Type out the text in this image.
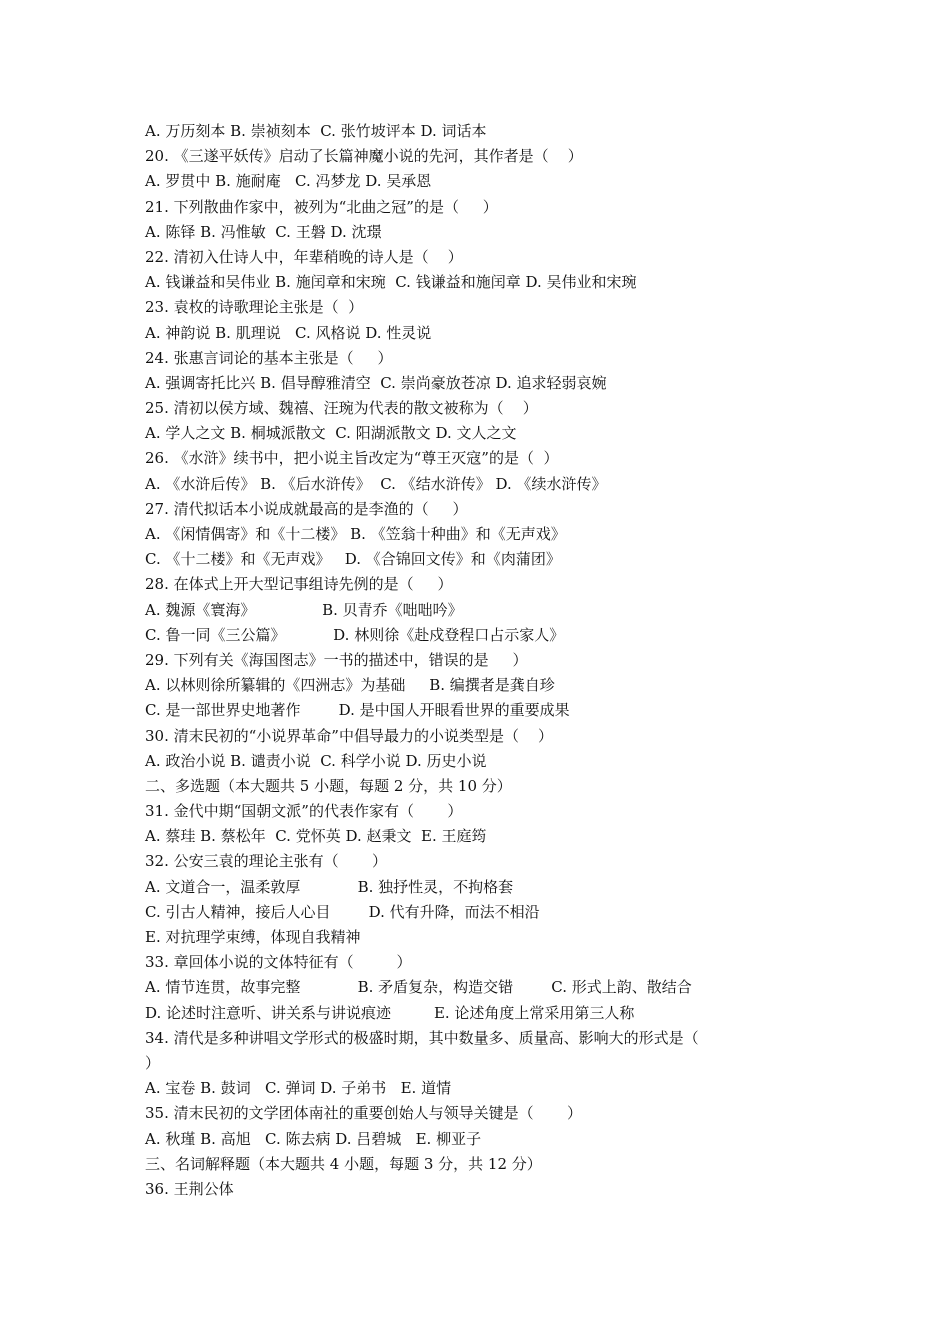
A. 万历刻本 B. 崇祯刻本  C. 张竹坡评本 D. 词话本
20. 《三遂平妖传》启动了长篇神魔小说的先河，其作者是（    ）
A. 罗贯中 B. 施耐庵   C. 冯梦龙 D. 吴承恩
21. 下列散曲作家中，被列为“北曲之冠”的是（     ）
A. 陈铎 B. 冯惟敏  C. 王磐 D. 沈璟
22. 清初入仕诗人中，年辈稍晚的诗人是（    ）
A. 钱谦益和吴伟业 B. 施闰章和宋琬  C. 钱谦益和施闰章 D. 吴伟业和宋琬
23. 袁枚的诗歌理论主张是（  ）
A. 神韵说 B. 肌理说   C. 风格说 D. 性灵说
24. 张惠言词论的基本主张是（     ）
A. 强调寄托比兴 B. 倡导醇雅清空  C. 崇尚豪放苍凉 D. 追求轻弱哀婉
25. 清初以侯方域、魏禧、汪琬为代表的散文被称为（    ）
A. 学人之文 B. 桐城派散文  C. 阳湖派散文 D. 文人之文
26. 《水浒》续书中，把小说主旨改定为“尊王灭寇”的是（  ）
A. 《水浒后传》 B. 《后水浒传》  C. 《结水浒传》 D. 《续水浒传》
27. 清代拟话本小说成就最高的是李渔的（     ）
A. 《闲情偶寄》和《十二楼》 B. 《笠翁十种曲》和《无声戏》
C. 《十二楼》和《无声戏》   D. 《合锦回文传》和《肉蒲团》
28. 在体式上开大型记事组诗先例的是（     ）
A. 魏源《寰海》              B. 贝青乔《咄咄吟》
C. 鲁一同《三公篇》          D. 林则徐《赴戍登程口占示家人》
29. 下列有关《海国图志》一书的描述中，错误的是     ）
A. 以林则徐所纂辑的《四洲志》为基础     B. 编撰者是龚自珍
C. 是一部世界史地著作        D. 是中国人开眼看世界的重要成果
30. 清末民初的“小说界革命”中倡导最力的小说类型是（    ）
A. 政治小说 B. 谴责小说  C. 科学小说 D. 历史小说
二、多选题（本大题共 5 小题，每题 2 分，共 10 分）
31. 金代中期“国朝文派”的代表作家有（       ）
A. 蔡珪 B. 蔡松年  C. 党怀英 D. 赵秉文  E. 王庭筠
32. 公安三袁的理论主张有（       ）
A. 文道合一，温柔敦厚            B. 独抒性灵，不拘格套
C. 引古人精神，接后人心目        D. 代有升降，而法不相沿
E. 对抗理学束缚，体现自我精神
33. 章回体小说的文体特征有（         ）
A. 情节连贯，故事完整            B. 矛盾复杂，构造交错        C. 形式上韵、散结合
D. 论述时注意听、讲关系与讲说痕迹         E. 论述角度上常采用第三人称
34. 清代是多种讲唱文学形式的极盛时期，其中数量多、质量高、影响大的形式是（
）
A. 宝卷 B. 鼓词   C. 弹词 D. 子弟书   E. 道情
35. 清末民初的文学团体南社的重要创始人与领导关键是（       ）
A. 秋瑾 B. 高旭   C. 陈去病 D. 吕碧城   E. 柳亚子
三、名词解释题（本大题共 4 小题，每题 3 分，共 12 分）
36. 王荆公体
